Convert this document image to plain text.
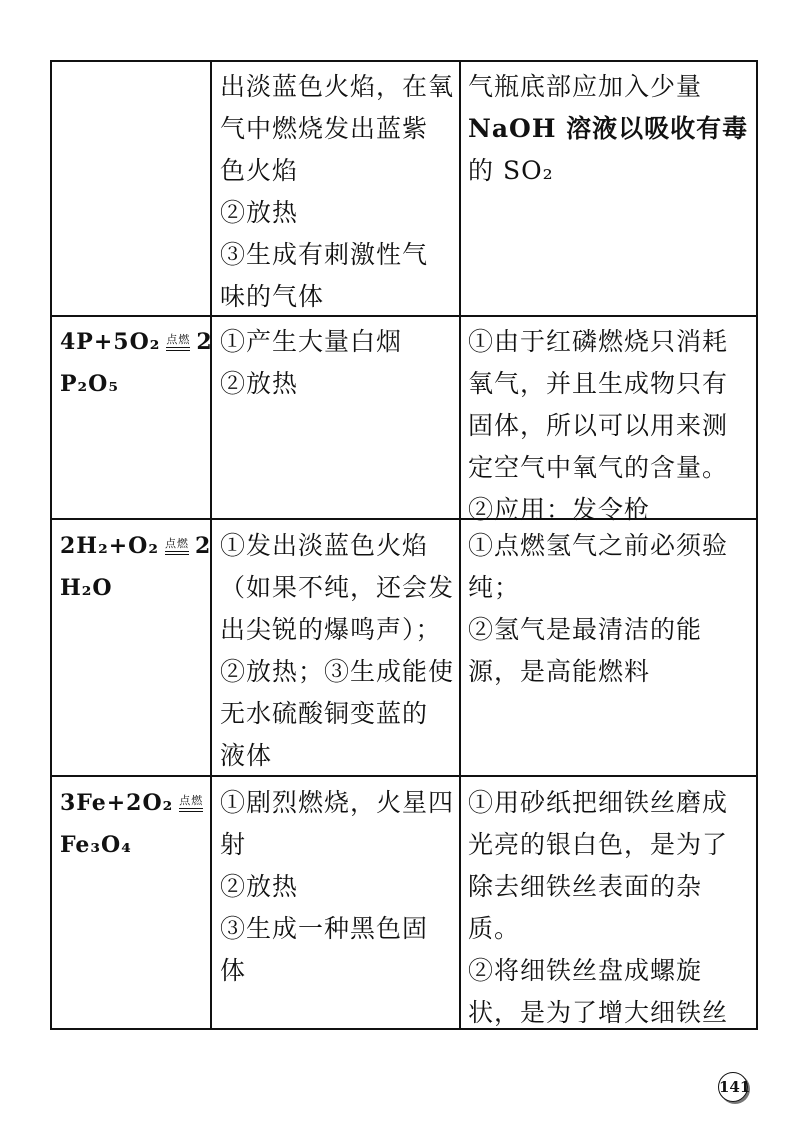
出淡蓝色火焰，在氧
气中燃烧发出蓝紫
色火焰
②放热
③生成有刺激性气
味的气体
气瓶底部应加入少量
NaOH 溶液以吸收有毒
的 SO₂
4P+5O₂ 点燃 2
P₂O₅
①产生大量白烟
②放热
①由于红磷燃烧只消耗
氧气，并且生成物只有
固体，所以可以用来测
定空气中氧气的含量。
②应用：发令枪
2H₂+O₂ 点燃 2
H₂O
①发出淡蓝色火焰
（如果不纯，还会发
出尖锐的爆鸣声）；
②放热；③生成能使
无水硫酸铜变蓝的
液体
①点燃氢气之前必须验
纯；
②氢气是最清洁的能
源，是高能燃料
3Fe+2O₂ 点燃
Fe₃O₄
①剧烈燃烧，火星四
射
②放热
③生成一种黑色固
体
①用砂纸把细铁丝磨成
光亮的银白色，是为了
除去细铁丝表面的杂
质。
②将细铁丝盘成螺旋
状，是为了增大细铁丝
141
